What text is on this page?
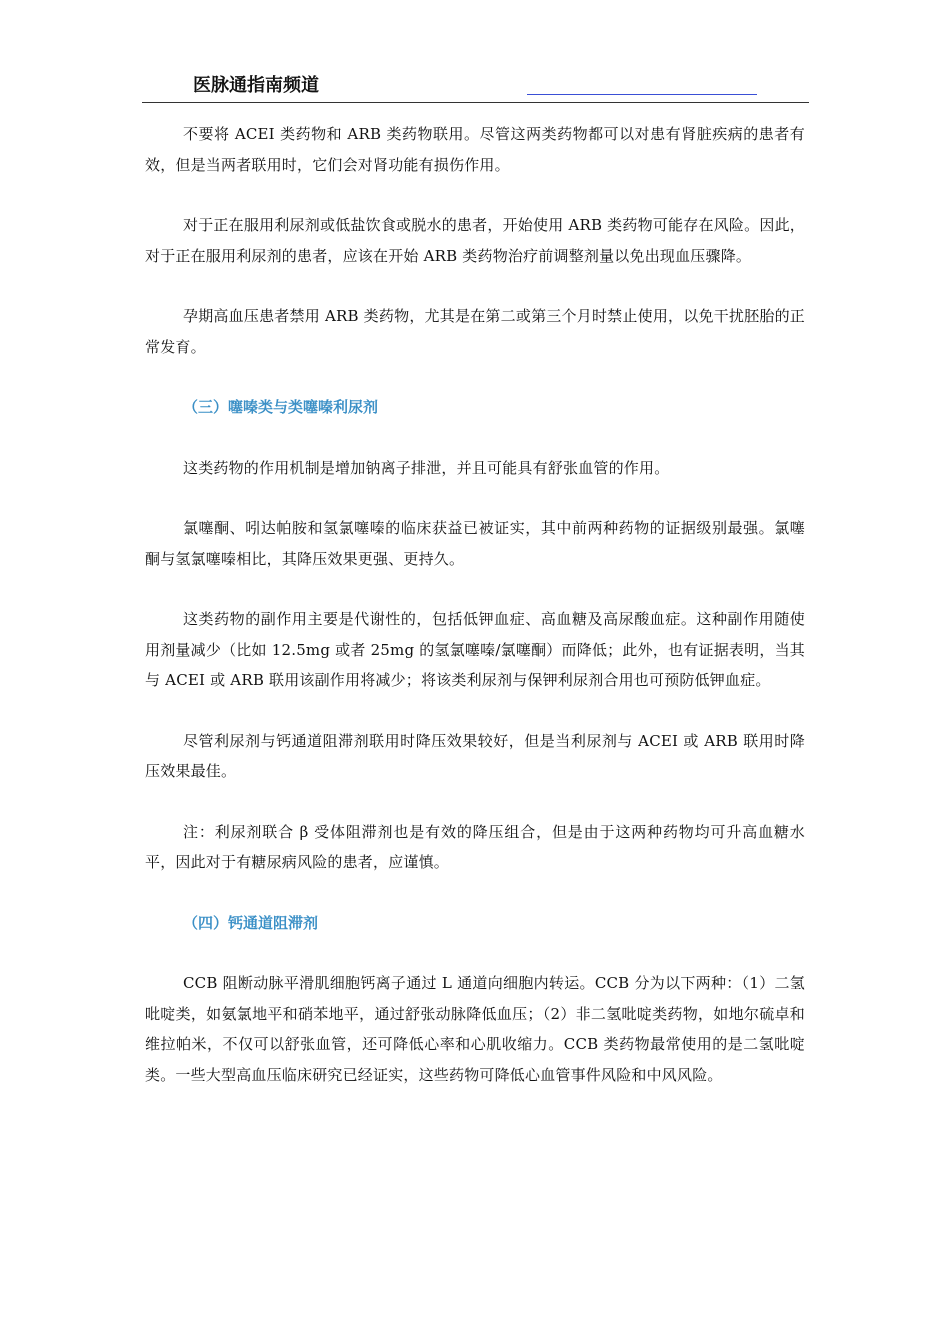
医脉通指南频道

不要将 ACEI 类药物和 ARB 类药物联用。尽管这两类药物都可以对患有肾脏疾病的患者有效，但是当两者联用时，它们会对肾功能有损伤作用。

对于正在服用利尿剂或低盐饮食或脱水的患者，开始使用 ARB 类药物可能存在风险。因此，对于正在服用利尿剂的患者，应该在开始 ARB 类药物治疗前调整剂量以免出现血压骤降。

孕期高血压患者禁用 ARB 类药物，尤其是在第二或第三个月时禁止使用，以免干扰胚胎的正常发育。

（三）噻嗪类与类噻嗪利尿剂

这类药物的作用机制是增加钠离子排泄，并且可能具有舒张血管的作用。

氯噻酮、吲达帕胺和氢氯噻嗪的临床获益已被证实，其中前两种药物的证据级别最强。氯噻酮与氢氯噻嗪相比，其降压效果更强、更持久。

这类药物的副作用主要是代谢性的，包括低钾血症、高血糖及高尿酸血症。这种副作用随使用剂量减少（比如 12.5mg 或者 25mg 的氢氯噻嗪/氯噻酮）而降低；此外，也有证据表明，当其与 ACEI 或 ARB 联用该副作用将减少；将该类利尿剂与保钾利尿剂合用也可预防低钾血症。

尽管利尿剂与钙通道阻滞剂联用时降压效果较好，但是当利尿剂与 ACEI 或 ARB 联用时降压效果最佳。

注：利尿剂联合 β 受体阻滞剂也是有效的降压组合，但是由于这两种药物均可升高血糖水平，因此对于有糖尿病风险的患者，应谨慎。

（四）钙通道阻滞剂

CCB 阻断动脉平滑肌细胞钙离子通过 L 通道向细胞内转运。CCB 分为以下两种：（1）二氢吡啶类，如氨氯地平和硝苯地平，通过舒张动脉降低血压；（2）非二氢吡啶类药物，如地尔硫卓和维拉帕米，不仅可以舒张血管，还可降低心率和心肌收缩力。CCB 类药物最常使用的是二氢吡啶类。一些大型高血压临床研究已经证实，这些药物可降低心血管事件风险和中风风险。
